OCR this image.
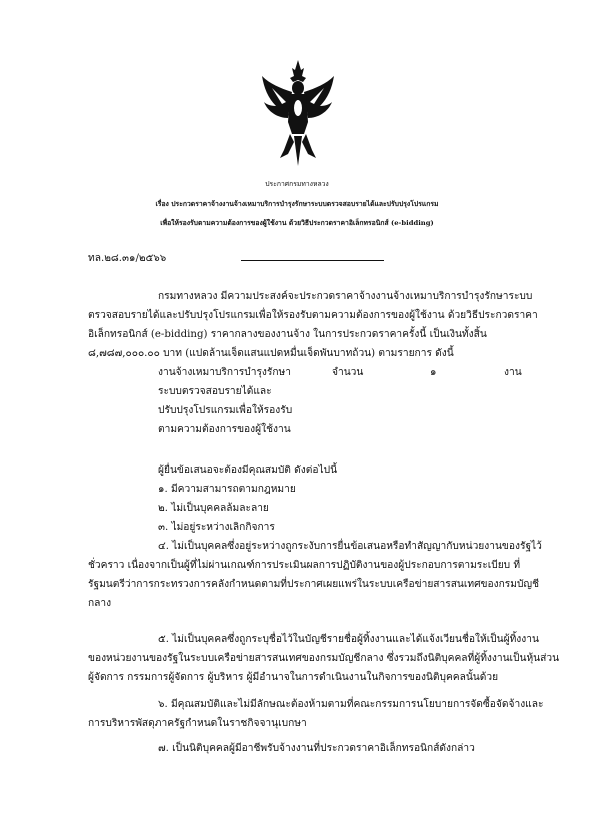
ประกาศกรมทางหลวง
เรื่อง ประกวดราคาจ้างงานจ้างเหมาบริการบำรุงรักษาระบบตรวจสอบรายได้และปรับปรุงโปรแกรม
เพื่อให้รองรับตามความต้องการของผู้ใช้งาน ด้วยวิธีประกวดราคาอิเล็กทรอนิกส์ (e-bidding)
ทล.๒๘.๓๑/๒๕๖๖
กรมทางหลวง มีความประสงค์จะประกวดราคาจ้างงานจ้างเหมาบริการบำรุงรักษาระบบ
ตรวจสอบรายได้และปรับปรุงโปรแกรมเพื่อให้รองรับตามความต้องการของผู้ใช้งาน ด้วยวิธีประกวดราคา
อิเล็กทรอนิกส์ (e-bidding) ราคากลางของงานจ้าง ในการประกวดราคาครั้งนี้ เป็นเงินทั้งสิ้น
๘,๗๘๗,๐๐๐.๐๐ บาท (แปดล้านเจ็ดแสนแปดหมื่นเจ็ดพันบาทถ้วน) ตามรายการ ดังนี้
งานจ้างเหมาบริการบำรุงรักษา	จำนวน	๑	งาน
ระบบตรวจสอบรายได้และ
ปรับปรุงโปรแกรมเพื่อให้รองรับ
ตามความต้องการของผู้ใช้งาน
ผู้ยื่นข้อเสนอจะต้องมีคุณสมบัติ ดังต่อไปนี้
๑. มีความสามารถตามกฎหมาย
๒. ไม่เป็นบุคคลล้มละลาย
๓. ไม่อยู่ระหว่างเลิกกิจการ
๔. ไม่เป็นบุคคลซึ่งอยู่ระหว่างถูกระงับการยื่นข้อเสนอหรือทำสัญญากับหน่วยงานของรัฐไว้
ชั่วคราว เนื่องจากเป็นผู้ที่ไม่ผ่านเกณฑ์การประเมินผลการปฏิบัติงานของผู้ประกอบการตามระเบียบ ที่
รัฐมนตรีว่าการกระทรวงการคลังกำหนดตามที่ประกาศเผยแพร่ในระบบเครือข่ายสารสนเทศของกรมบัญชี
กลาง
๕. ไม่เป็นบุคคลซึ่งถูกระบุชื่อไว้ในบัญชีรายชื่อผู้ทิ้งงานและได้แจ้งเวียนชื่อให้เป็นผู้ทิ้งงาน
ของหน่วยงานของรัฐในระบบเครือข่ายสารสนเทศของกรมบัญชีกลาง ซึ่งรวมถึงนิติบุคคลที่ผู้ทิ้งงานเป็นหุ้นส่วน
ผู้จัดการ กรรมการผู้จัดการ ผู้บริหาร ผู้มีอำนาจในการดำเนินงานในกิจการของนิติบุคคลนั้นด้วย
๖. มีคุณสมบัติและไม่มีลักษณะต้องห้ามตามที่คณะกรรมการนโยบายการจัดซื้อจัดจ้างและ
การบริหารพัสดุภาครัฐกำหนดในราชกิจจานุเบกษา
๗. เป็นนิติบุคคลผู้มีอาชีพรับจ้างงานที่ประกวดราคาอิเล็กทรอนิกส์ดังกล่าว
